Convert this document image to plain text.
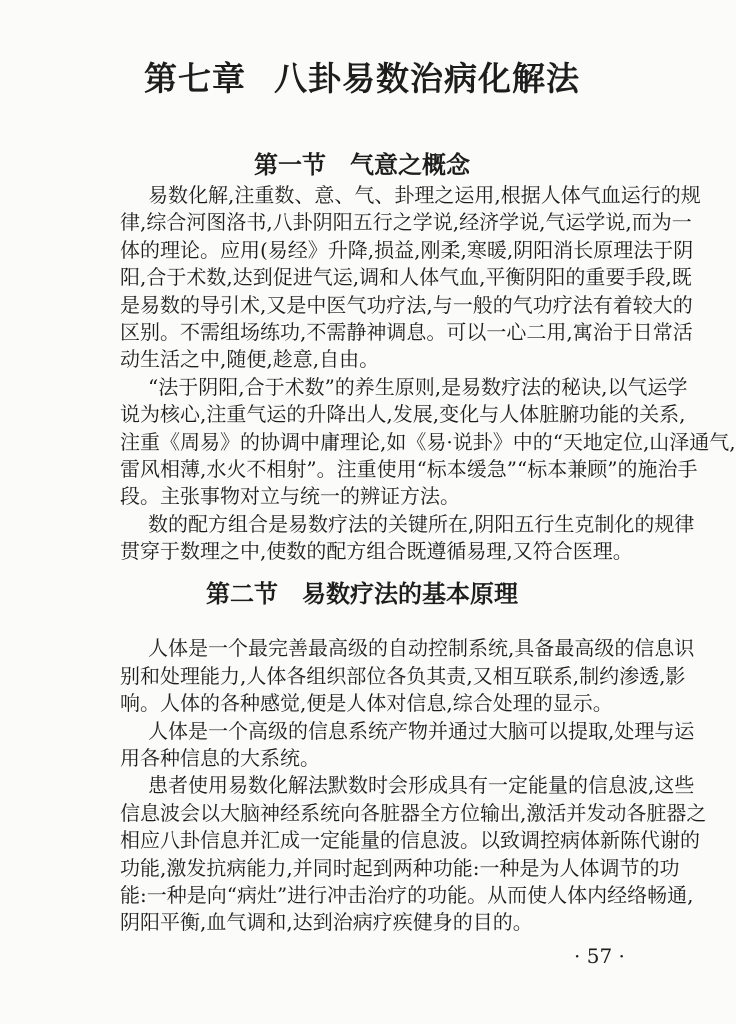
第七章 八卦易数治病化解法
第一节 气意之概念
易数化解,注重数、意、气、卦理之运用,根据人体气血运行的规
律,综合河图洛书,八卦阴阳五行之学说,经济学说,气运学说,而为一
体的理论。应用(易经》升降,损益,刚柔,寒暖,阴阳消长原理法于阴
阳,合于术数,达到促进气运,调和人体气血,平衡阴阳的重要手段,既
是易数的导引术,又是中医气功疗法,与一般的气功疗法有着较大的
区别。不需组场练功,不需静神调息。可以一心二用,寓治于日常活
动生活之中,随便,趁意,自由。
“法于阴阳,合于术数”的养生原则,是易数疗法的秘诀,以气运学
说为核心,注重气运的升降出人,发展,变化与人体脏腑功能的关系,
注重《周易》的协调中庸理论,如《易·说卦》中的“天地定位,山泽通气,
雷风相薄,水火不相射”。注重使用“标本缓急”“标本兼顾”的施治手
段。主张事物对立与统一的辨证方法。
数的配方组合是易数疗法的关键所在,阴阳五行生克制化的规律
贯穿于数理之中,使数的配方组合既遵循易理,又符合医理。
第二节 易数疗法的基本原理
人体是一个最完善最高级的自动控制系统,具备最高级的信息识
别和处理能力,人体各组织部位各负其责,又相互联系,制约渗透,影
响。人体的各种感觉,便是人体对信息,综合处理的显示。
人体是一个高级的信息系统产物并通过大脑可以提取,处理与运
用各种信息的大系统。
患者使用易数化解法默数时会形成具有一定能量的信息波,这些
信息波会以大脑神经系统向各脏器全方位输出,激活并发动各脏器之
相应八卦信息并汇成一定能量的信息波。以致调控病体新陈代谢的
功能,激发抗病能力,并同时起到两种功能:一种是为人体调节的功
能:一种是向“病灶”进行冲击治疗的功能。从而使人体内经络畅通,
阴阳平衡,血气调和,达到治病疗疾健身的目的。
· 57 ·
